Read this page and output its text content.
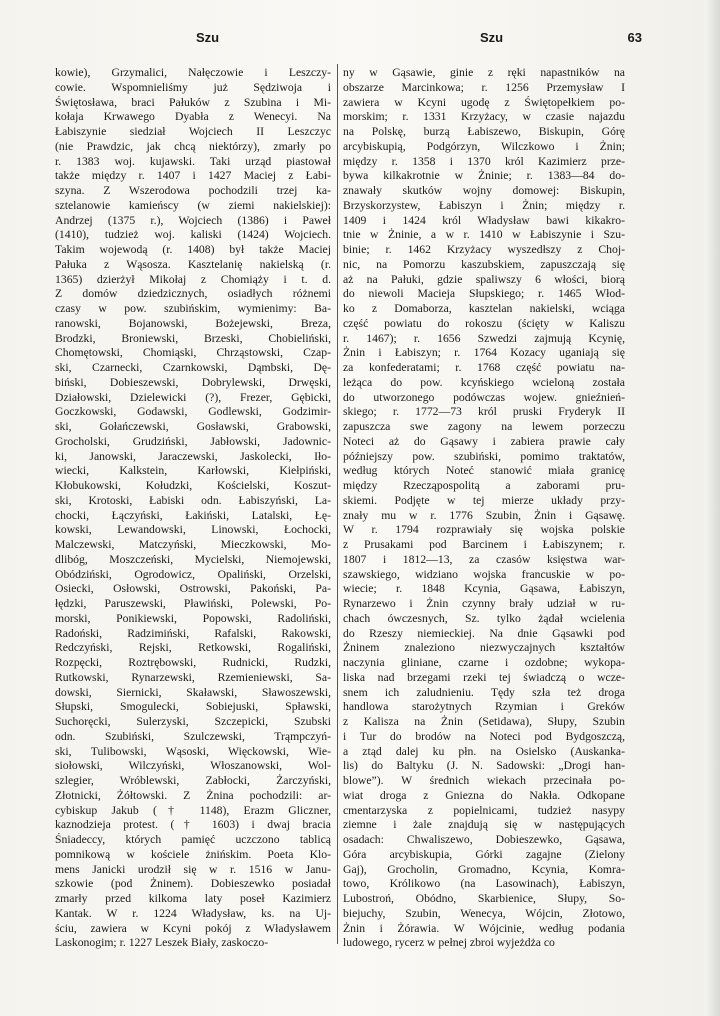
Szu	Szu	63
kowie), Grzymalici, Nałęczowie i Leszczy-
cowie. Wspomnieliśmy już Sędziwoja i
Świętosława, braci Pałuków z Szubina i Mi-
kołaja Krwawego Dyabła z Wenecyi. Na
Łabiszynie siedział Wojciech II Leszczyc
(nie Prawdzic, jak chcą niektórzy), zmarły po
r. 1383 woj. kujawski. Taki urząd piastował
także między r. 1407 i 1427 Maciej z Łabi-
szyna. Z Wszerodowa pochodzili trzej ka-
sztelanowie kamieńscy (w ziemi nakielskiej):
Andrzej (1375 r.), Wojciech (1386) i Paweł
(1410), tudzież woj. kaliski (1424) Wojciech.
Takim wojewodą (r. 1408) był także Maciej
Pałuka z Wąsosza. Kasztelanię nakielską (r.
1365) dzierżył Mikołaj z Chomiąży i t. d.
Z domów dziedzicznych, osiadłych różnemi
czasy w pow. szubińskim, wymienimy: Ba-
ranowski, Bojanowski, Bożejewski, Breza,
Brodzki, Broniewski, Brzeski, Chobieliński,
Chomętowski, Chomiąski, Chrząstowski, Czap-
ski, Czarnecki, Czarnkowski, Dąmbski, Dę-
biński, Dobieszewski, Dobrylewski, Drwęski,
Działowski, Dzielewicki (?), Frezer, Gębicki,
Goczkowski, Godawski, Godlewski, Godzimir-
ski, Gołańczewski, Gosławski, Grabowski,
Grocholski, Grudziński, Jabłowski, Jadownic-
ki, Janowski, Jaraczewski, Jaskolecki, Iło-
wiecki, Kalkstein, Karłowski, Kiełpiński,
Kłobukowski, Kołudzki, Kościelski, Koszut-
ski, Krotoski, Łabiski odn. Łabiszyński, La-
chocki, Łączyński, Łakiński, Latalski, Łę-
kowski, Lewandowski, Linowski, Łochocki,
Malczewski, Matczyński, Mieczkowski, Mo-
dlibóg, Moszczeński, Mycielski, Niemojewski,
Obódziński, Ogrodowicz, Opaliński, Orzelski,
Osiecki, Osłowski, Ostrowski, Pakoński, Pa-
łędzki, Paruszewski, Pławiński, Polewski, Po-
morski, Ponikiewski, Popowski, Radoliński,
Radoński, Radzimiński, Rafalski, Rakowski,
Redczyński, Rejski, Retkowski, Rogaliński,
Rozpęcki, Roztrębowski, Rudnicki, Rudzki,
Rutkowski, Rynarzewski, Rzemieniewski, Sa-
dowski, Siernicki, Skaławski, Sławoszewski,
Słupski, Smogulecki, Sobiejuski, Spławski,
Suchoręcki, Sulerzyski, Szczepicki, Szubski
odn. Szubiński, Szulczewski, Trąmpczyń-
ski, Tulibowski, Wąsoski, Więckowski, Wie-
siołowski, Wilczyński, Włoszanowski, Wol-
szlegier, Wróblewski, Zabłocki, Żarczyński,
Złotnicki, Żółtowski. Z Żnina pochodzili: ar-
cybiskup Jakub († 1148), Erazm Gliczner,
kaznodzieja protest. († 1603) i dwaj bracia
Śniadeccy, których pamięć uczczono tablicą
pomnikową w kościele żnińskim. Poeta Klo-
mens Janicki urodził się w r. 1516 w Janu-
szkowie (pod Żninem). Dobieszewko posiadał
zmarły przed kilkoma laty poseł Kazimierz
Kantak. W r. 1224 Władysław, ks. na Uj-
ściu, zawiera w Kcyni pokój z Władysławem
Laskonogim; r. 1227 Leszek Biały, zaskoczo-
ny w Gąsawie, ginie z ręki napastników na
obszarze Marcinkowa; r. 1256 Przemysław I
zawiera w Kcyni ugodę z Świętopełkiem po-
morskim; r. 1331 Krzyżacy, w czasie najazdu
na Polskę, burzą Łabiszewo, Biskupin, Górę
arcybiskupią, Podgórzyn, Wilczkowo i Żnin;
między r. 1358 i 1370 król Kazimierz prze-
bywa kilkakrotnie w Żninie; r. 1383—84 do-
znawały skutków wojny domowej: Biskupin,
Brzyskorzystew, Łabiszyn i Żnin; między r.
1409 i 1424 król Władysław bawi kikakro-
tnie w Żninie, a w r. 1410 w Łabiszynie i Szu-
binie; r. 1462 Krzyżacy wyszedłszy z Choj-
nic, na Pomorzu kaszubskiem, zapuszczają się
aż na Pałuki, gdzie spaliwszy 6 włości, biorą
do niewoli Macieja Słupskiego; r. 1465 Włod-
ko z Domaborza, kasztelan nakielski, wciąga
część powiatu do rokoszu (ścięty w Kaliszu
r. 1467); r. 1656 Szwedzi zajmują Kcynię,
Żnin i Łabiszyn; r. 1764 Kozacy uganiają się
za konfederatami; r. 1768 część powiatu na-
leżąca do pow. kcyńskiego wcieloną została
do utworzonego podówczas wojew. gnieźnień-
skiego; r. 1772—73 król pruski Fryderyk II
zapuszcza swe zagony na lewem porzeczu
Noteci aż do Gąsawy i zabiera prawie cały
późniejszy pow. szubiński, pomimo traktatów,
według których Noteć stanowić miała granicę
między Rzecząpospolitą a zaborami pru-
skiemi. Podjęte w tej mierze układy przy-
znały mu w r. 1776 Szubin, Żnin i Gąsawę.
W r. 1794 rozprawiały się wojska polskie
z Prusakami pod Barcinem i Łabiszynem; r.
1807 i 1812—13, za czasów księstwa war-
szawskiego, widziano wojska francuskie w po-
wiecie; r. 1848 Kcynia, Gąsawa, Łabiszyn,
Rynarzewo i Żnin czynny brały udział w ru-
chach ówczesnych, Sz. tylko żądał wcielenia
do Rzeszy niemieckiej. Na dnie Gąsawki pod
Żninem znaleziono niezwyczajnych kształtów
naczynia gliniane, czarne i ozdobne; wykopa-
liska nad brzegami rzeki tej świadczą o wcze-
snem ich zaludnieniu. Tędy szła też droga
handlowa starożytnych Rzymian i Greków
z Kalisza na Żnin (Setidawa), Słupy, Szubin
i Tur do brodów na Noteci pod Bydgoszczą,
a ztąd dalej ku płn. na Osielsko (Auskanka-
lis) do Baltyku (J. N. Sadowski: „Drogi han-
blowe”). W średnich wiekach przecinała po-
wiat droga z Gniezna do Nakła. Odkopane
cmentarzyska z popielnicami, tudzież nasypy
ziemne i żale znajdują się w następujących
osadach: Chwaliszewo, Dobieszewko, Gąsawa,
Góra arcybiskupia, Górki zagajne (Zielony
Gaj), Grocholin, Gromadno, Kcynia, Komra-
towo, Królikowo (na Lasowinach), Łabiszyn,
Lubostroń, Obódno, Skarbienice, Słupy, So-
biejuchy, Szubin, Wenecya, Wójcin, Złotowo,
Żnin i Żórawia. W Wójcinie, według podania
ludowego, rycerz w pełnej zbroi wyjeżdża co
